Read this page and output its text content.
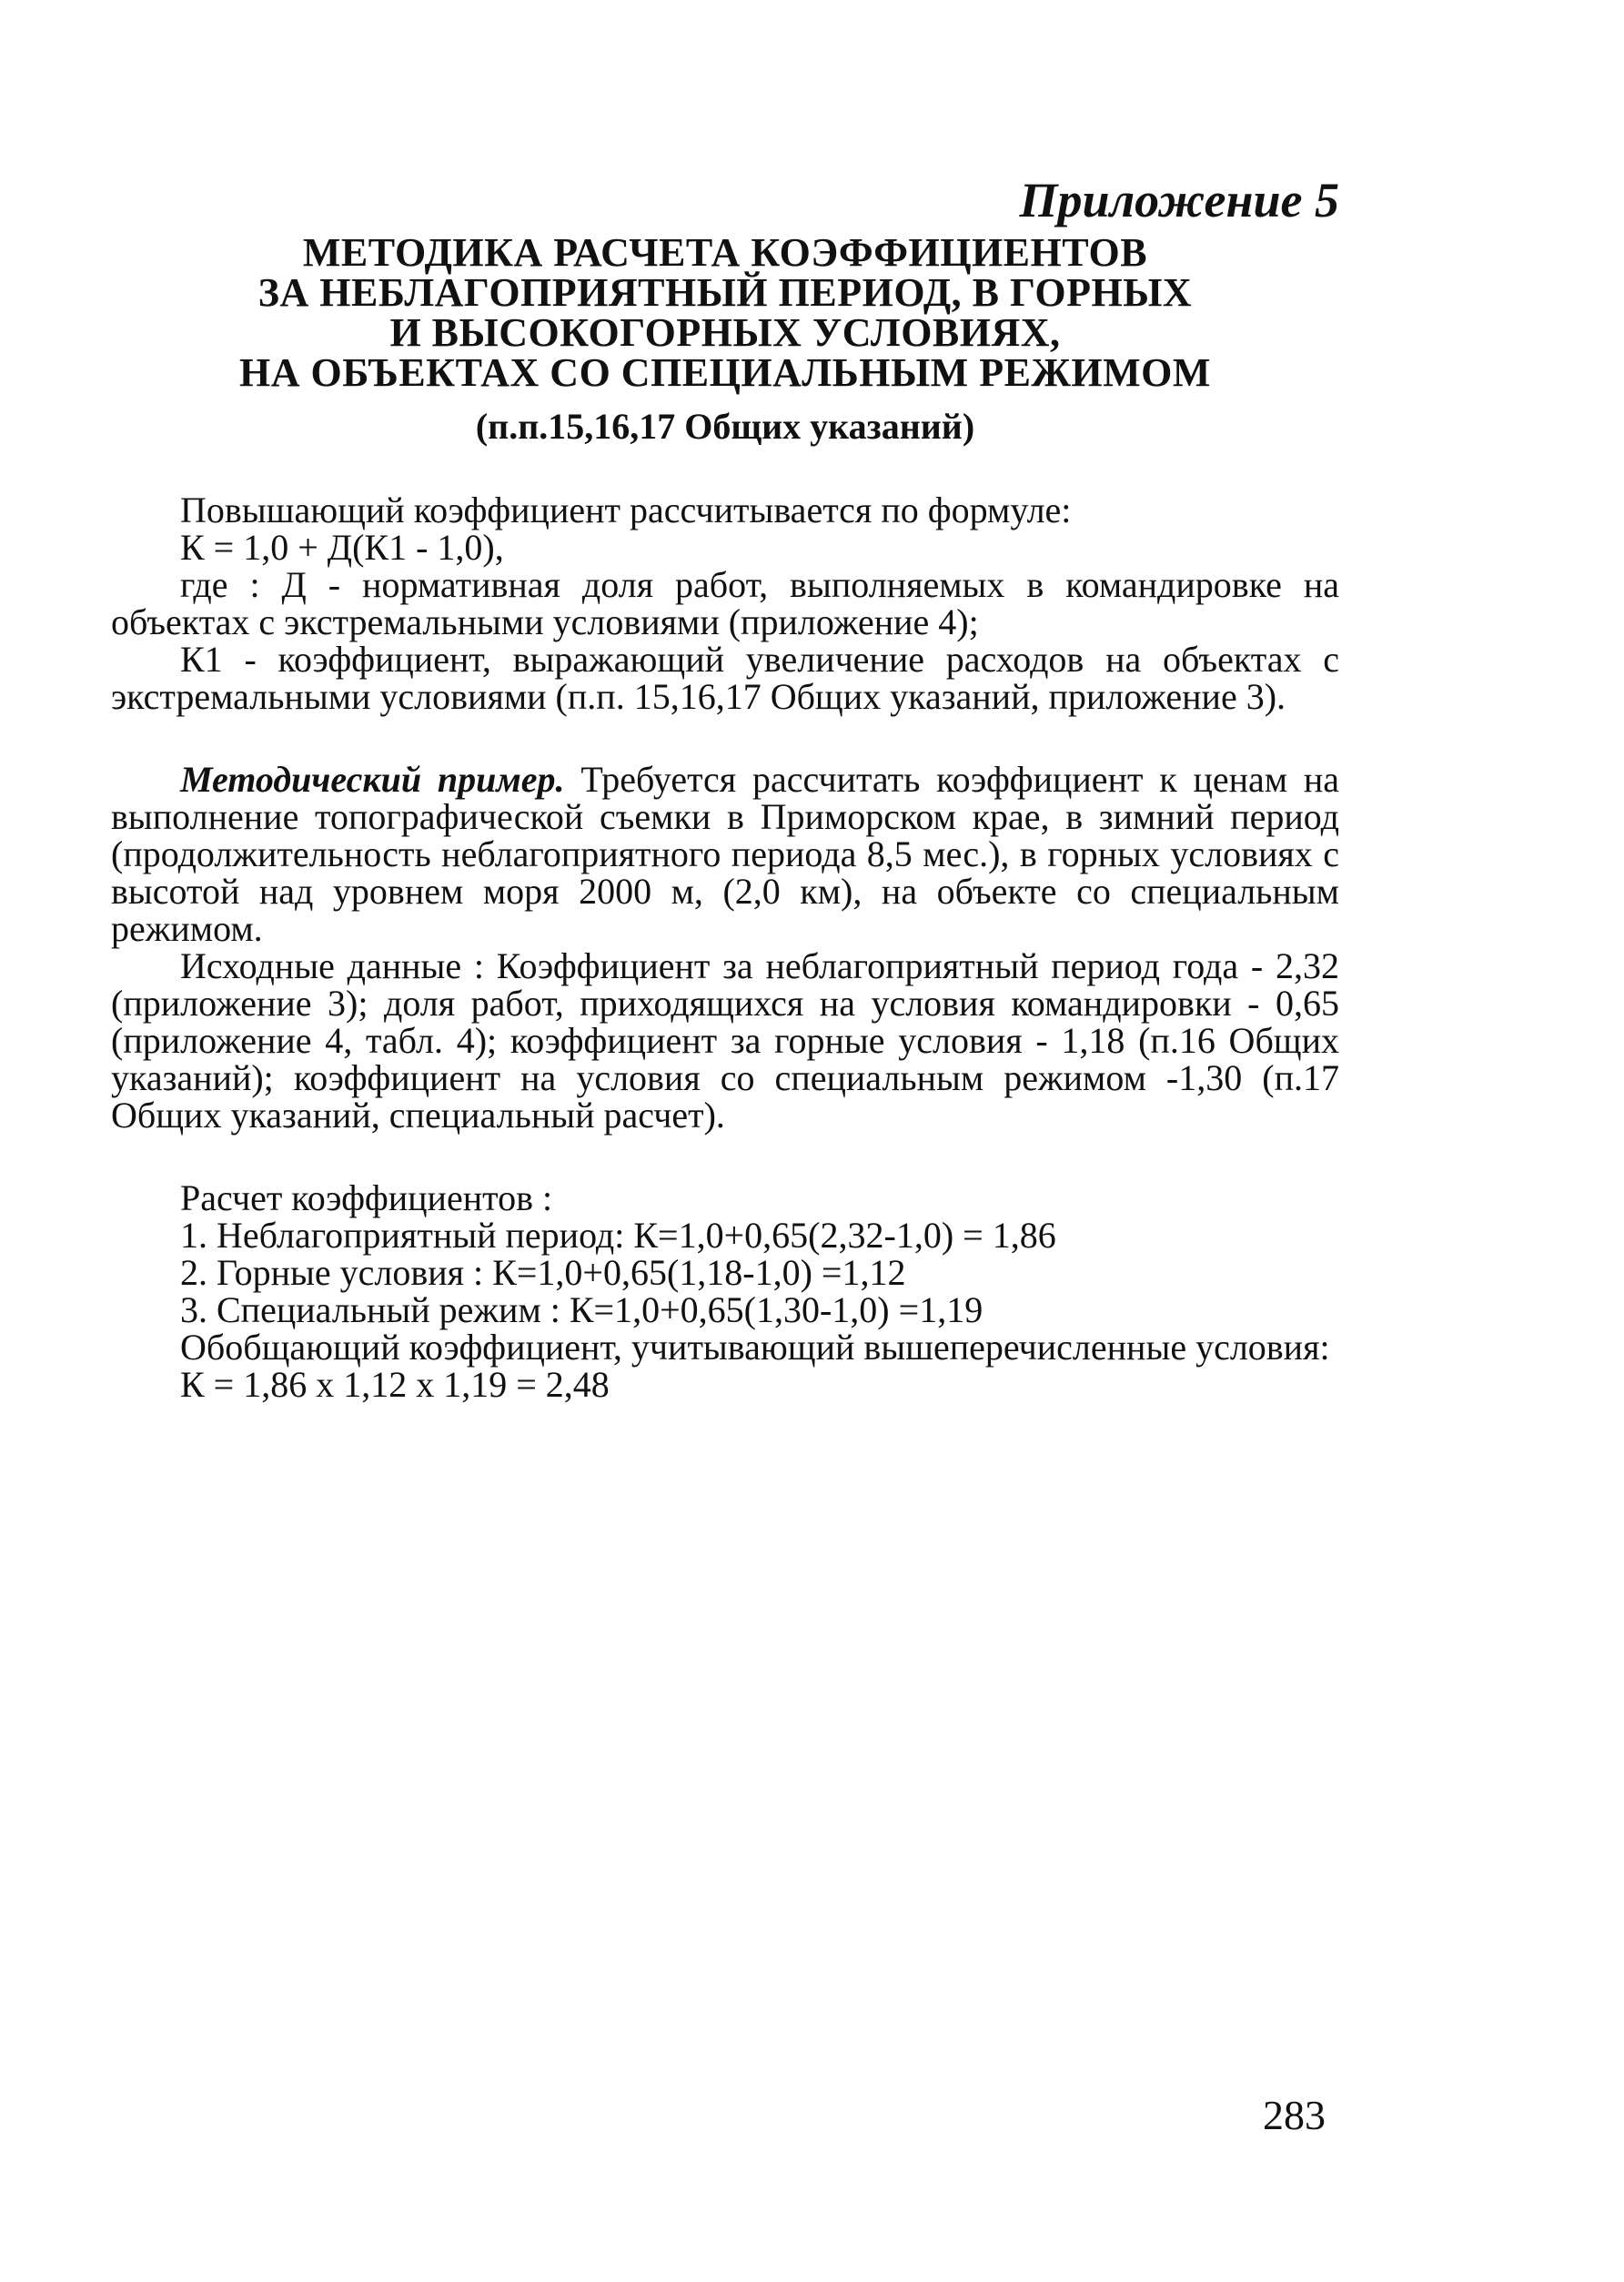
Приложение 5
МЕТОДИКА РАСЧЕТА КОЭФФИЦИЕНТОВ
ЗА НЕБЛАГОПРИЯТНЫЙ ПЕРИОД, В ГОРНЫХ
И ВЫСОКОГОРНЫХ УСЛОВИЯХ,
НА ОБЪЕКТАХ СО СПЕЦИАЛЬНЫМ РЕЖИМОМ
(п.п.15,16,17 Общих указаний)

Повышающий коэффициент рассчитывается по формуле:

К = 1,0 + Д(К1 - 1,0),

где : Д - нормативная доля работ, выполняемых в командировке на объектах с экстремальными условиями (приложение 4);

К1 - коэффициент, выражающий увеличение расходов на объектах с экстремальными условиями (п.п. 15,16,17 Общих указаний, приложение 3).

Методический пример. Требуется рассчитать коэффициент к ценам на выполнение топографической съемки в Приморском крае, в зимний период (продолжительность неблагоприятного периода 8,5 мес.), в горных условиях с высотой над уровнем моря 2000 м, (2,0 км), на объекте со специальным режимом.

Исходные данные : Коэффициент за неблагоприятный период года - 2,32 (приложение 3); доля работ, приходящихся на условия командировки - 0,65 (приложение 4, табл. 4); коэффициент за горные условия - 1,18 (п.16 Общих указаний); коэффициент на условия со специальным режимом -1,30 (п.17 Общих указаний, специальный расчет).

Расчет коэффициентов :

1. Неблагоприятный период: К=1,0+0,65(2,32-1,0) = 1,86

2. Горные условия : К=1,0+0,65(1,18-1,0) =1,12

3. Специальный режим : К=1,0+0,65(1,30-1,0) =1,19

Обобщающий коэффициент, учитывающий вышеперечисленные условия:

К = 1,86 х 1,12 х 1,19 = 2,48

283
